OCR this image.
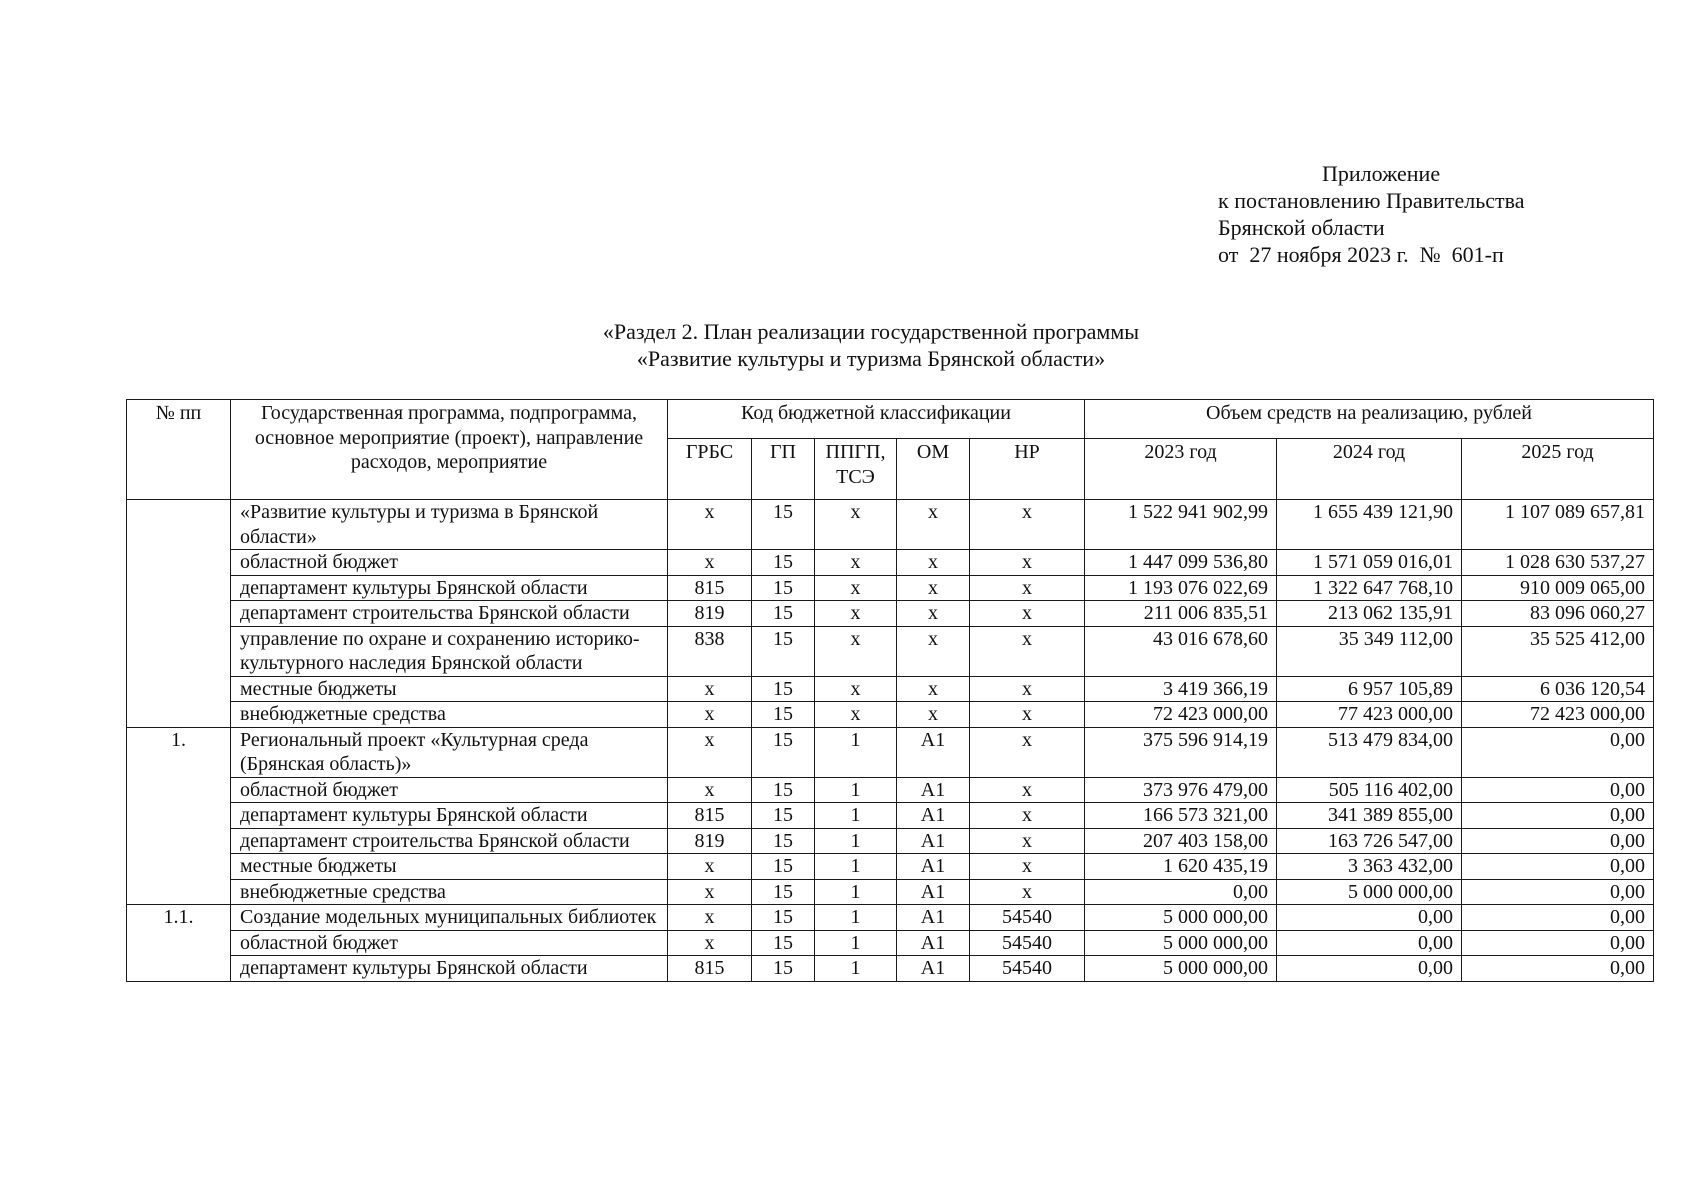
Приложение
к постановлению Правительства
Брянской области
от  27 ноября 2023 г.  №  601-п
«Раздел 2. План реализации государственной программы
«Развитие культуры и туризма Брянской области»
№ пп	Государственная программа, подпрограмма, основное мероприятие (проект), направление расходов, мероприятие	Код бюджетной классификации					Объем средств на реализацию, рублей		
		ГРБС	ГП	ППГП, ТСЭ	ОМ	НР	2023 год	2024 год	2025 год
	«Развитие культуры и туризма в Брянской области»	х	15	х	х	х	1 522 941 902,99	1 655 439 121,90	1 107 089 657,81
	областной бюджет	х	15	х	х	х	1 447 099 536,80	1 571 059 016,01	1 028 630 537,27
	департамент культуры Брянской области	815	15	х	х	х	1 193 076 022,69	1 322 647 768,10	910 009 065,00
	департамент строительства Брянской области	819	15	х	х	х	211 006 835,51	213 062 135,91	83 096 060,27
	управление по охране и сохранению историко-культурного наследия Брянской области	838	15	х	х	х	43 016 678,60	35 349 112,00	35 525 412,00
	местные бюджеты	х	15	х	х	х	3 419 366,19	6 957 105,89	6 036 120,54
	внебюджетные средства	х	15	х	х	х	72 423 000,00	77 423 000,00	72 423 000,00
1.	Региональный проект «Культурная среда (Брянская область)»	х	15	1	А1	х	375 596 914,19	513 479 834,00	0,00
	областной бюджет	х	15	1	А1	х	373 976 479,00	505 116 402,00	0,00
	департамент культуры Брянской области	815	15	1	А1	х	166 573 321,00	341 389 855,00	0,00
	департамент строительства Брянской области	819	15	1	А1	х	207 403 158,00	163 726 547,00	0,00
	местные бюджеты	х	15	1	А1	х	1 620 435,19	3 363 432,00	0,00
	внебюджетные средства	х	15	1	А1	х	0,00	5 000 000,00	0,00
1.1.	Создание модельных муниципальных библиотек	х	15	1	А1	54540	5 000 000,00	0,00	0,00
	областной бюджет	х	15	1	А1	54540	5 000 000,00	0,00	0,00
	департамент культуры Брянской области	815	15	1	А1	54540	5 000 000,00	0,00	0,00
